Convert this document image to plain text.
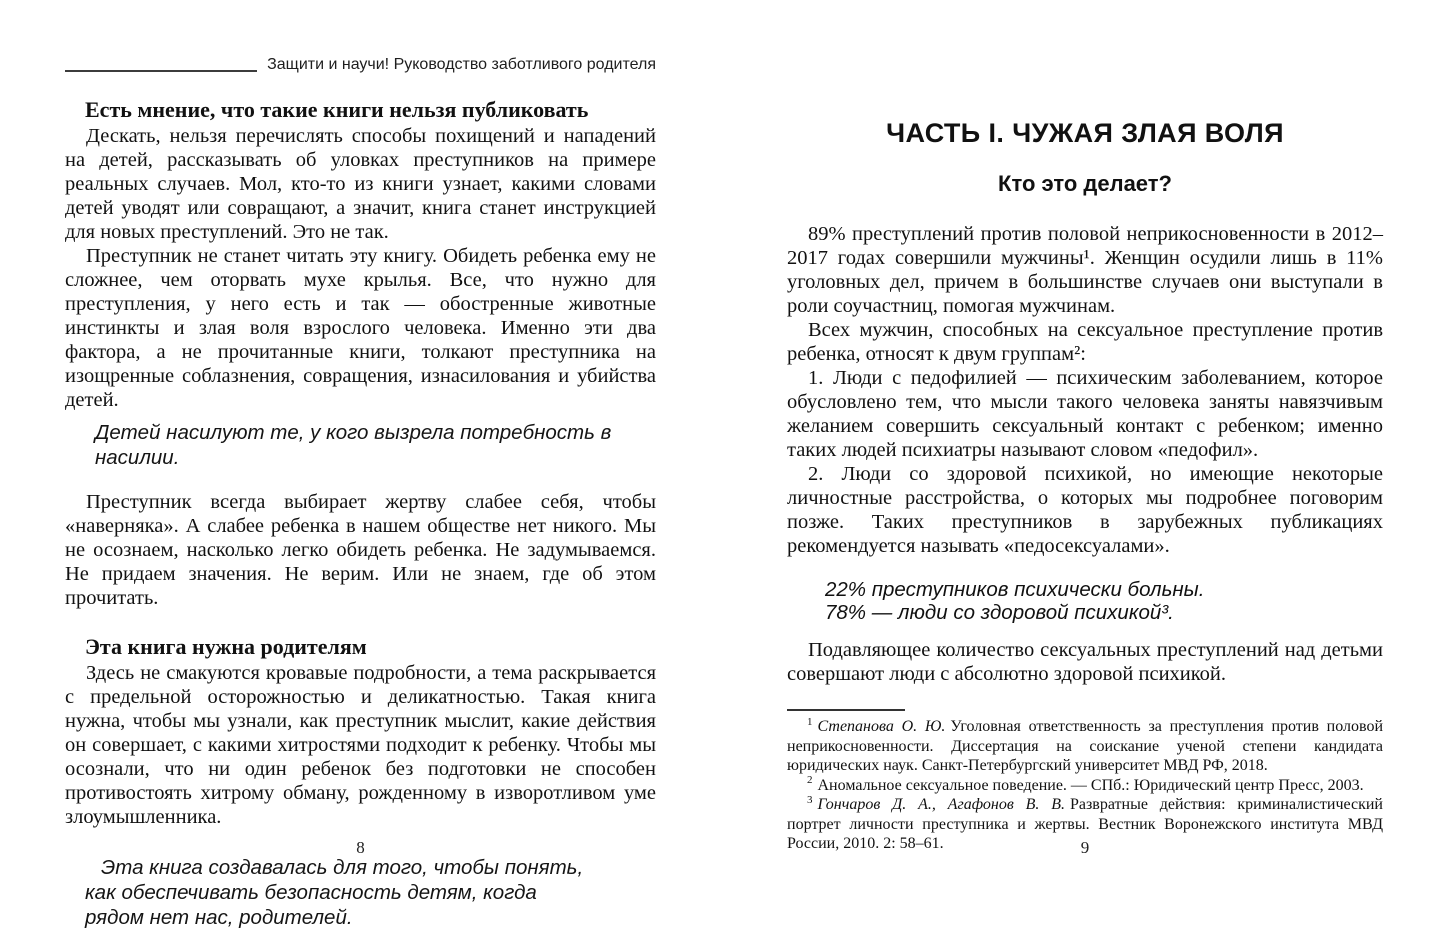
Защити и научи! Руководство заботливого родителя
Есть мнение, что такие книги нельзя публиковать

Дескать, нельзя перечислять способы похищений и нападений на детей, рассказывать об уловках преступников на примере реальных случаев. Мол, кто-то из книги узнает, какими словами детей уводят или совращают, а значит, книга станет инструкцией для новых преступлений. Это не так.

Преступник не станет читать эту книгу. Обидеть ребенка ему не сложнее, чем оторвать мухе крылья. Все, что нужно для преступления, у него есть и так — обостренные животные инстинкты и злая воля взрослого человека. Именно эти два фактора, а не прочитанные книги, толкают преступника на изощренные соблазнения, совращения, изнасилования и убийства детей.

Детей насилуют те, у кого вызрела потребность в насилии.

Преступник всегда выбирает жертву слабее себя, чтобы «наверняка». А слабее ребенка в нашем обществе нет никого. Мы не осознаем, насколько легко обидеть ребенка. Не задумываемся. Не придаем значения. Не верим. Или не знаем, где об этом прочитать.

Эта книга нужна родителям

Здесь не смакуются кровавые подробности, а тема раскрывается с предельной осторожностью и деликатностью. Такая книга нужна, чтобы мы узнали, как преступник мыслит, какие действия он совершает, с какими хитростями подходит к ребенку. Чтобы мы осознали, что ни один ребенок без подготовки не способен противостоять хитрому обману, рожденному в изворотливом уме злоумышленника.

Эта книга создавалась для того, чтобы понять, как обеспечивать безопасность детям, когда рядом нет нас, родителей.
8
ЧАСТЬ I. ЧУЖАЯ ЗЛАЯ ВОЛЯ
Кто это делает?

89% преступлений против половой неприкосновенности в 2012–2017 годах совершили мужчины¹. Женщин осудили лишь в 11% уголовных дел, причем в большинстве случаев они выступали в роли соучастниц, помогая мужчинам.

Всех мужчин, способных на сексуальное преступление против ребенка, относят к двум группам²:

1. Люди с педофилией — психическим заболеванием, которое обусловлено тем, что мысли такого человека заняты навязчивым желанием совершить сексуальный контакт с ребенком; именно таких людей психиатры называют словом «педофил».

2. Люди со здоровой психикой, но имеющие некоторые личностные расстройства, о которых мы подробнее поговорим позже. Таких преступников в зарубежных публикациях рекомендуется называть «педосексуалами».

22% преступников психически больны.
78% — люди со здоровой психикой³.

Подавляющее количество сексуальных преступлений над детьми совершают люди с абсолютно здоровой психикой.

$^1$ Степанова О. Ю. Уголовная ответственность за преступления против половой неприкосновенности. Диссертация на соискание ученой степени кандидата юридических наук. Санкт-Петербургский университет МВД РФ, 2018.

$^2$ Аномальное сексуальное поведение. — СПб.: Юридический центр Пресс, 2003.

$^3$ Гончаров Д. А., Агафонов В. В. Развратные действия: криминалистический портрет личности преступника и жертвы. Вестник Воронежского института МВД России, 2010. 2: 58–61.	9
